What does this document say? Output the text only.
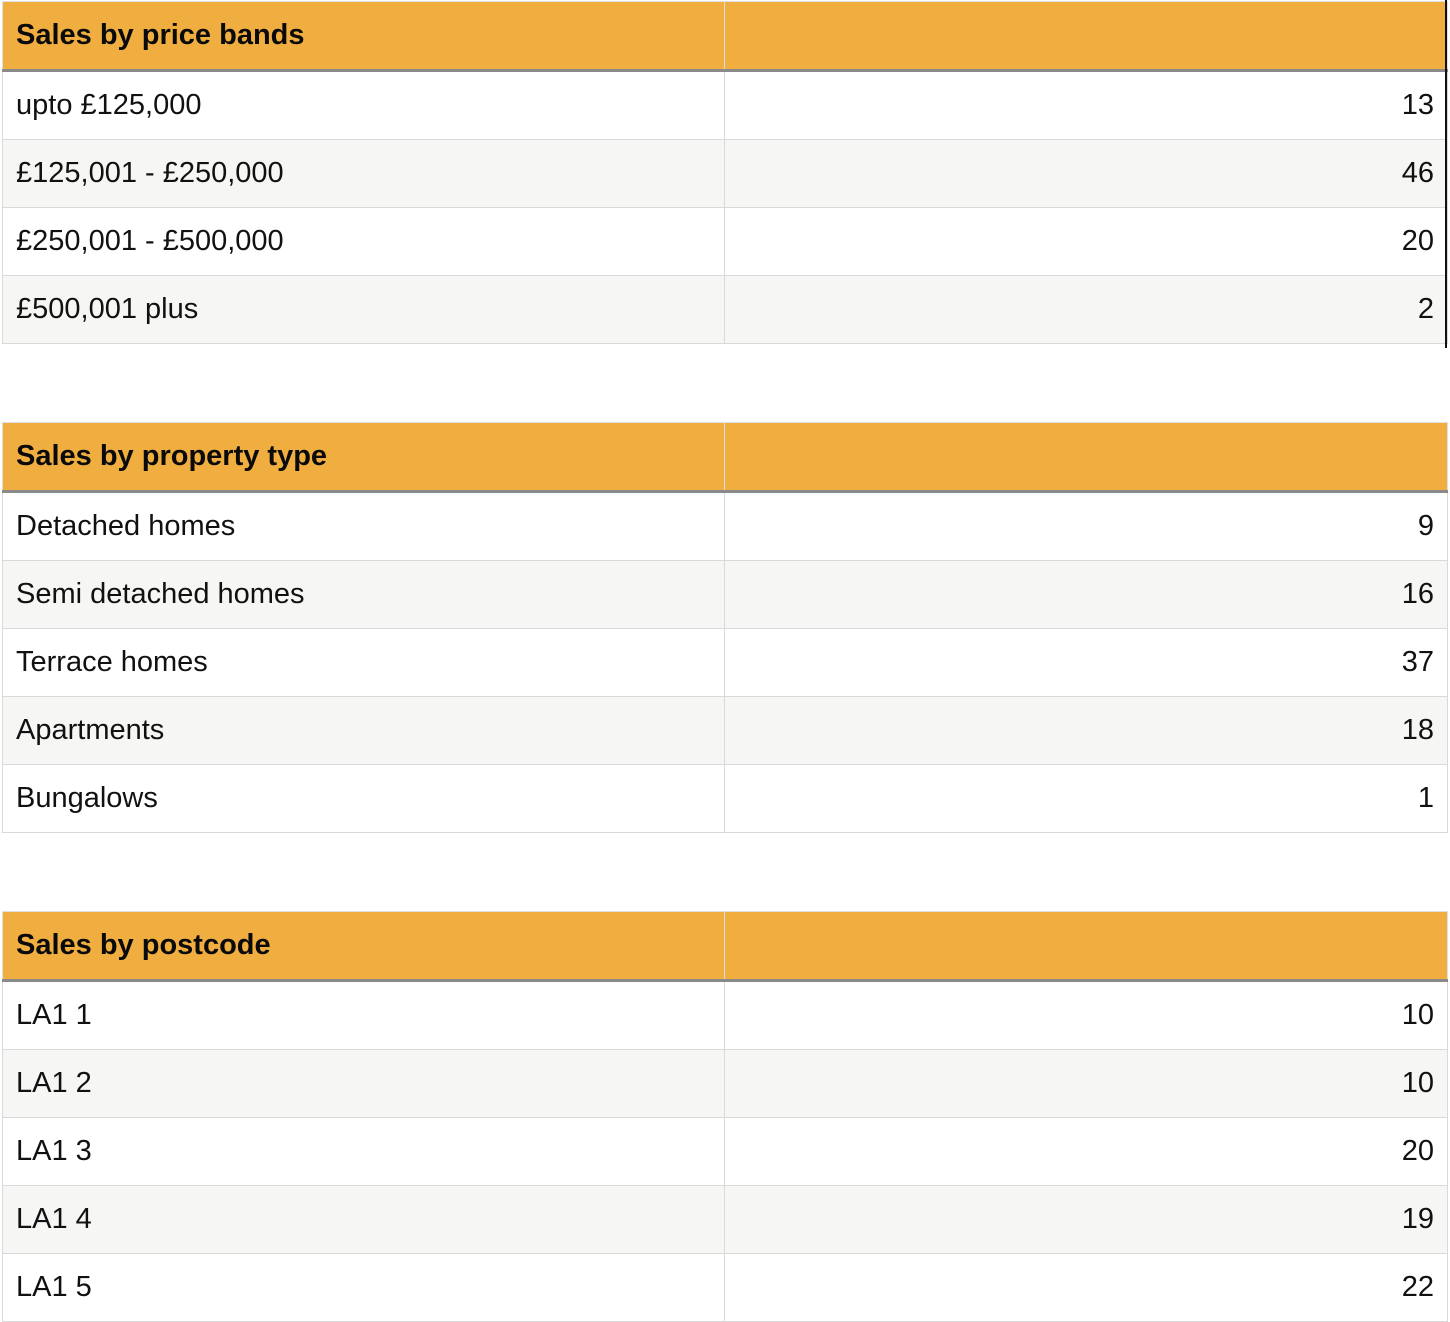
Sales by price bands	
upto £125,000	13
£125,001 - £250,000	46
£250,001 - £500,000	20
£500,001 plus	2
Sales by property type	
Detached homes	9
Semi detached homes	16
Terrace homes	37
Apartments	18
Bungalows	1
Sales by postcode	
LA1 1	10
LA1 2	10
LA1 3	20
LA1 4	19
LA1 5	22
